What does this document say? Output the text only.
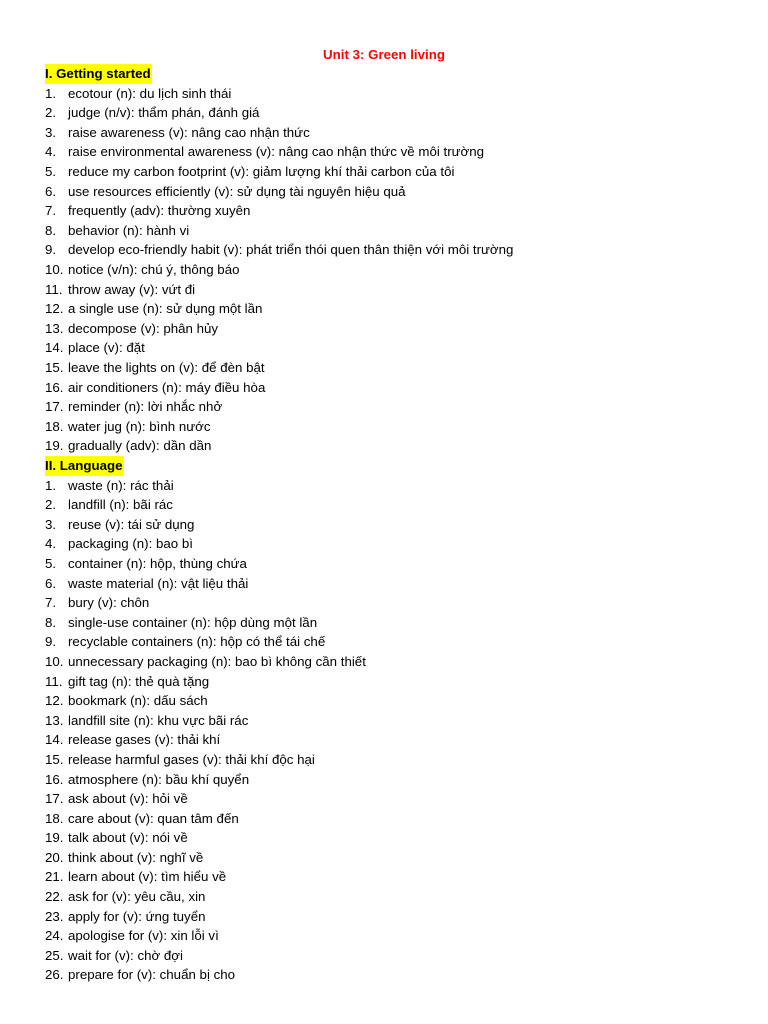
Unit 3: Green living
I. Getting started
1. ecotour (n): du lịch sinh thái
2. judge (n/v): thẩm phán, đánh giá
3. raise awareness (v): nâng cao nhận thức
4. raise environmental awareness (v): nâng cao nhận thức về môi trường
5. reduce my carbon footprint (v): giảm lượng khí thải carbon của tôi
6. use resources efficiently (v): sử dụng tài nguyên hiệu quả
7. frequently (adv): thường xuyên
8. behavior (n): hành vi
9. develop eco-friendly habit (v): phát triển thói quen thân thiện với môi trường
10. notice (v/n): chú ý, thông báo
11. throw away (v): vứt đi
12. a single use (n): sử dụng một lần
13. decompose (v): phân hủy
14. place (v): đặt
15. leave the lights on (v): để đèn bật
16. air conditioners (n): máy điều hòa
17. reminder (n): lời nhắc nhở
18. water jug (n): bình nước
19. gradually (adv): dần dần
II. Language
1. waste (n): rác thải
2. landfill (n): bãi rác
3. reuse (v): tái sử dụng
4. packaging (n): bao bì
5. container (n): hộp, thùng chứa
6. waste material (n): vật liệu thải
7. bury (v): chôn
8. single-use container (n): hộp dùng một lần
9. recyclable containers (n): hộp có thể tái chế
10. unnecessary packaging (n): bao bì không cần thiết
11. gift tag (n): thẻ quà tặng
12. bookmark (n): dấu sách
13. landfill site (n): khu vực bãi rác
14. release gases (v): thải khí
15. release harmful gases (v): thải khí độc hại
16. atmosphere (n): bầu khí quyển
17. ask about (v): hỏi về
18. care about (v): quan tâm đến
19. talk about (v): nói về
20. think about (v): nghĩ về
21. learn about (v): tìm hiểu về
22. ask for (v): yêu cầu, xin
23. apply for (v): ứng tuyển
24. apologise for (v): xin lỗi vì
25. wait for (v): chờ đợi
26. prepare for (v): chuẩn bị cho
